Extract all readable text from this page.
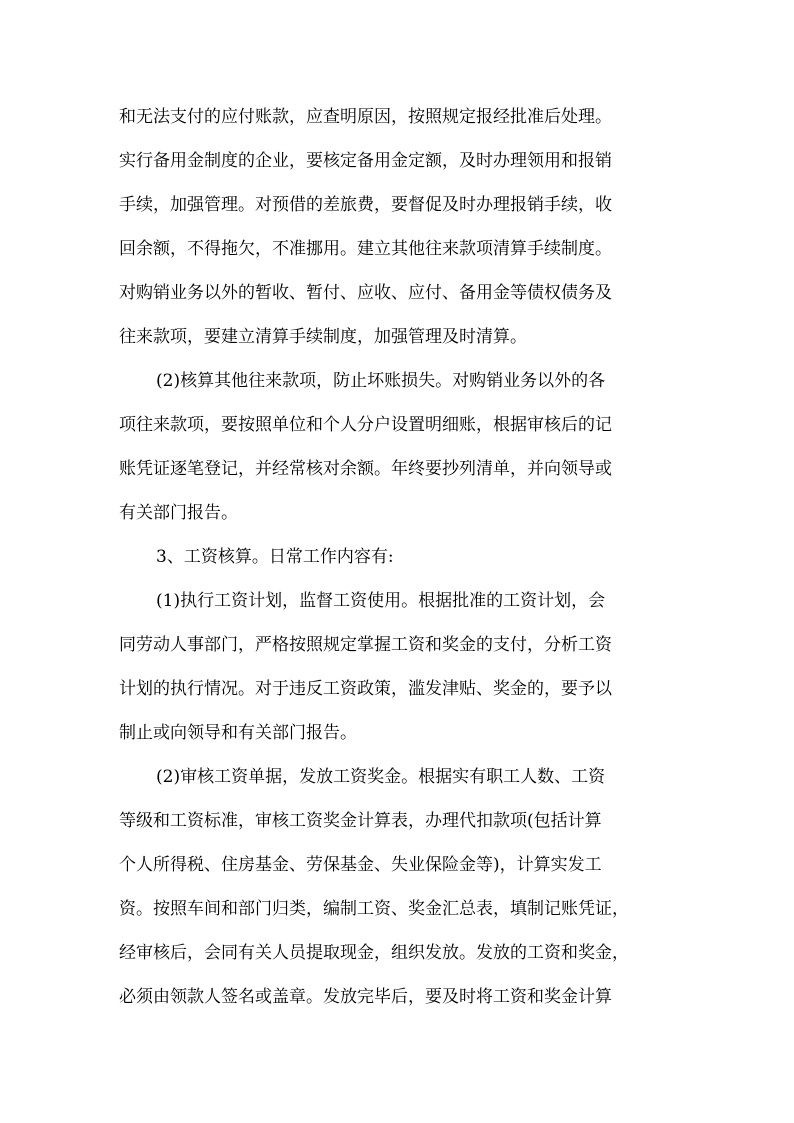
和无法支付的应付账款，应查明原因，按照规定报经批准后处理。
实行备用金制度的企业，要核定备用金定额，及时办理领用和报销
手续，加强管理。对预借的差旅费，要督促及时办理报销手续，收
回余额，不得拖欠，不准挪用。建立其他往来款项清算手续制度。
对购销业务以外的暂收、暂付、应收、应付、备用金等债权债务及
往来款项，要建立清算手续制度，加强管理及时清算。
(2)核算其他往来款项，防止坏账损失。对购销业务以外的各
项往来款项，要按照单位和个人分户设置明细账，根据审核后的记
账凭证逐笔登记，并经常核对余额。年终要抄列清单，并向领导或
有关部门报告。
3、工资核算。日常工作内容有:
(1)执行工资计划，监督工资使用。根据批准的工资计划，会
同劳动人事部门，严格按照规定掌握工资和奖金的支付，分析工资
计划的执行情况。对于违反工资政策，滥发津贴、奖金的，要予以
制止或向领导和有关部门报告。
(2)审核工资单据，发放工资奖金。根据实有职工人数、工资
等级和工资标准，审核工资奖金计算表，办理代扣款项(包括计算
个人所得税、住房基金、劳保基金、失业保险金等)，计算实发工
资。按照车间和部门归类，编制工资、奖金汇总表，填制记账凭证，
经审核后，会同有关人员提取现金，组织发放。发放的工资和奖金，
必须由领款人签名或盖章。发放完毕后，要及时将工资和奖金计算
